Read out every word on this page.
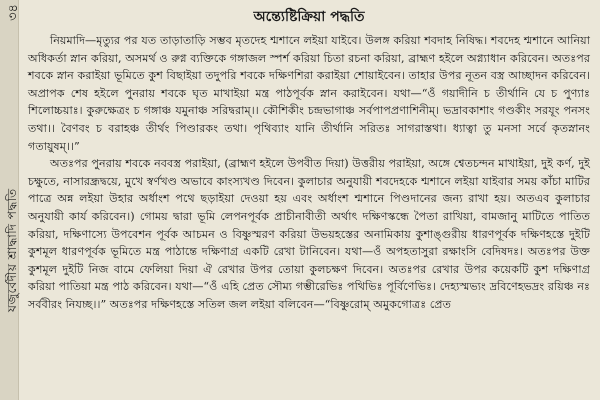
৩৪
যজুর্বেদীয় শ্রাদ্ধাদি পদ্ধতি
অন্ত্যেষ্টিক্রিয়া পদ্ধতি

নিয়মাদি—মৃত্যুর পর যত তাড়াতাড়ি সম্ভব মৃতদেহ শ্মশানে লইয়া যাইবে। উলঙ্গ করিয়া শবদাহ নিষিদ্ধ। শবদেহ শ্মশানে আনিয়া অধিকর্তা স্নান করিয়া, অসমর্থ ও রুগ্ন ব্যক্তিকে গঙ্গাজল স্পর্শ করিয়া চিতা রচনা করিয়া, ব্রাহ্মণ হইলে অগ্ন্যাধান করিবেন। অতঃপর শবকে স্নান করাইয়া ভূমিতে কুশ বিছাইয়া তদুপরি শবকে দক্ষিণশিরা করাইয়া শোয়াইবেন। তাহার উপর নূতন বস্ত্র আচ্ছাদন করিবেন। অপ্রাপক শেষ হইলে পুনরায় শবকে ঘৃত মাখাইয়া মন্ত্র পাঠপূর্বক স্নান করাইবেন। যথা—“ওঁ গয়াদীনি চ তীর্থানি যে চ পুণ্যাঃ শিলোচ্চয়াঃ। কুরুক্ষেত্রং চ গঙ্গাঞ্চ যমুনাঞ্চ সরিদ্বরাম্।। কৌশিকীং চন্দ্রভাগাঞ্চ সর্বপাপপ্রণাশিনীম্। ভদ্রাবকাশাং গণ্ডকীং সরযূং পনসং তথা।। বৈণবং চ বরাহঞ্চ তীর্থং পিণ্ডারকং তথা। পৃথিব্যাং যানি তীর্থানি সরিতঃ সাগরাস্তথা। ধ্যাত্বা তু মনসা সর্বে কৃতস্নানং গতায়ুষম্।।”

অতঃপর পুনরায় শবকে নববস্ত্র পরাইয়া, (ব্রাহ্মণ হইলে উপবীত দিয়া) উত্তরীয় পরাইয়া, অঙ্গে শ্বেতচন্দন মাখাইয়া, দুই কর্ণ, দুই চক্ষুতে, নাসারন্ধ্রদ্বয়ে, মুখে স্বর্ণখণ্ড অভাবে কাংস্যখণ্ড দিবেন। কুলাচার অনুযায়ী শবদেহকে শ্মশানে লইয়া যাইবার সময় কাঁচা মাটির পাত্রে অন্ন লইয়া উহার অর্ধাংশ পথে ছড়াইয়া দেওয়া হয় এবং অর্ধাংশ শ্মশানে পিণ্ডদানের জন্য রাখা হয়। অতএব কুলাচার অনুযায়ী কার্য করিবেন।) গোময় দ্বারা ভূমি লেপনপূর্বক প্রাচীনাবীতী অর্থাৎ দক্ষিণস্কন্ধে পৈতা রাখিয়া, বামজানু মাটিতে পাতিত করিয়া, দক্ষিণাস্যে উপবেশন পূর্বক আচমন ও বিষ্ণুস্মরণ করিয়া উভয়হস্তের অনামিকায় কুশাঙ্গুরীয় ধারণপূর্বক দক্ষিণহস্তে দুইটি কুশমূল ধারণপূর্বক ভূমিতে মন্ত্র পাঠান্তে দক্ষিণাগ্র একটি রেখা টানিবেন। যথা—ওঁ অপহতাসুরা রক্ষাংসি বেদিষদঃ। অতঃপর উক্ত কুশমূল দুইটি নিজ বামে ফেলিয়া দিয়া ঐ রেখার উপর তোয়া কুলচক্ষণ দিবেন। অতঃপর রেখার উপর কয়েকটি কুশ দক্ষিণাগ্র করিয়া পাতিয়া মন্ত্র পাঠ করিবেন। যথা—“ওঁ এহি প্রেত সৌম্য গম্ভীরেভিঃ পথিভিঃ পূর্বিণেভিঃ। দেহ্যস্মভ্যং দ্রবিণেহভদ্রং রয়িঞ্চ নঃ সর্ববীরং নিযচ্ছ।।” অতঃপর দক্ষিণহস্তে সতিল জল লইয়া বলিবেন—“বিষ্ণুরোম্ অমুকগোত্রঃ প্রেত
